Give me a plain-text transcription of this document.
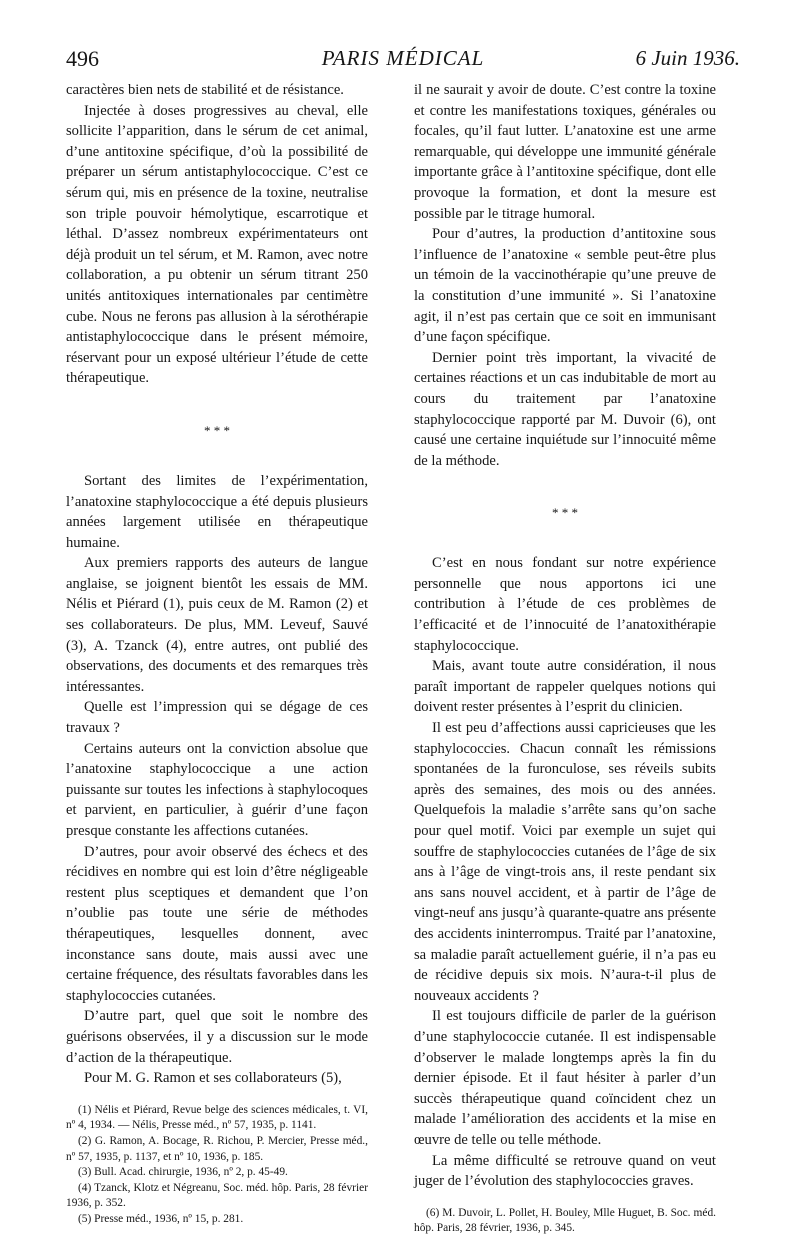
496	PARIS MÉDICAL	6 Juin 1936.

caractères bien nets de stabilité et de résistance.

Injectée à doses progressives au cheval, elle sollicite l’apparition, dans le sérum de cet animal, d’une antitoxine spécifique, d’où la possibilité de préparer un sérum antistaphylococcique. C’est ce sérum qui, mis en présence de la toxine, neutralise son triple pouvoir hémolytique, escarrotique et léthal. D’assez nombreux expérimentateurs ont déjà produit un tel sérum, et M. Ramon, avec notre collaboration, a pu obtenir un sérum titrant 250 unités antitoxiques internationales par centimètre cube. Nous ne ferons pas allusion à la sérothérapie antistaphylococcique dans le présent mémoire, réservant pour un exposé ultérieur l’étude de cette thérapeutique.

* * *

Sortant des limites de l’expérimentation, l’anatoxine staphylococcique a été depuis plusieurs années largement utilisée en thérapeutique humaine.

Aux premiers rapports des auteurs de langue anglaise, se joignent bientôt les essais de MM. Nélis et Piérard (1), puis ceux de M. Ramon (2) et ses collaborateurs. De plus, MM. Leveuf, Sauvé (3), A. Tzanck (4), entre autres, ont publié des observations, des documents et des remarques très intéressantes.

Quelle est l’impression qui se dégage de ces travaux ?

Certains auteurs ont la conviction absolue que l’anatoxine staphylococcique a une action puissante sur toutes les infections à staphylocoques et parvient, en particulier, à guérir d’une façon presque constante les affections cutanées.

D’autres, pour avoir observé des échecs et des récidives en nombre qui est loin d’être négligeable restent plus sceptiques et demandent que l’on n’oublie pas toute une série de méthodes thérapeutiques, lesquelles donnent, avec inconstance sans doute, mais aussi avec une certaine fréquence, des résultats favorables dans les staphylococcies cutanées.

D’autre part, quel que soit le nombre des guérisons observées, il y a discussion sur le mode d’action de la thérapeutique.

Pour M. G. Ramon et ses collaborateurs (5),

(1) Nélis et Piérard, Revue belge des sciences médicales, t. VI, nº 4, 1934. — Nélis, Presse méd., nº 57, 1935, p. 1141.

(2) G. Ramon, A. Bocage, R. Richou, P. Mercier, Presse méd., nº 57, 1935, p. 1137, et nº 10, 1936, p. 185.

(3) Bull. Acad. chirurgie, 1936, nº 2, p. 45-49.

(4) Tzanck, Klotz et Négreanu, Soc. méd. hôp. Paris, 28 février 1936, p. 352.

(5) Presse méd., 1936, nº 15, p. 281.

il ne saurait y avoir de doute. C’est contre la toxine et contre les manifestations toxiques, générales ou focales, qu’il faut lutter. L’anatoxine est une arme remarquable, qui développe une immunité générale importante grâce à l’antitoxine spécifique, dont elle provoque la formation, et dont la mesure est possible par le titrage humoral.

Pour d’autres, la production d’antitoxine sous l’influence de l’anatoxine « semble peut-être plus un témoin de la vaccinothérapie qu’une preuve de la constitution d’une immunité ». Si l’anatoxine agit, il n’est pas certain que ce soit en immunisant d’une façon spécifique.

Dernier point très important, la vivacité de certaines réactions et un cas indubitable de mort au cours du traitement par l’anatoxine staphylococcique rapporté par M. Duvoir (6), ont causé une certaine inquiétude sur l’innocuité même de la méthode.

* * *

C’est en nous fondant sur notre expérience personnelle que nous apportons ici une contribution à l’étude de ces problèmes de l’efficacité et de l’innocuité de l’anatoxithérapie staphylococcique.

Mais, avant toute autre considération, il nous paraît important de rappeler quelques notions qui doivent rester présentes à l’esprit du clinicien.

Il est peu d’affections aussi capricieuses que les staphylococcies. Chacun connaît les rémissions spontanées de la furonculose, ses réveils subits après des semaines, des mois ou des années. Quelquefois la maladie s’arrête sans qu’on sache pour quel motif. Voici par exemple un sujet qui souffre de staphylococcies cutanées de l’âge de six ans à l’âge de vingt-trois ans, il reste pendant six ans sans nouvel accident, et à partir de l’âge de vingt-neuf ans jusqu’à quarante-quatre ans présente des accidents ininterrompus. Traité par l’anatoxine, sa maladie paraît actuellement guérie, il n’a pas eu de récidive depuis six mois. N’aura-t-il plus de nouveaux accidents ?

Il est toujours difficile de parler de la guérison d’une staphylococcie cutanée. Il est indispensable d’observer le malade longtemps après la fin du dernier épisode. Et il faut hésiter à parler d’un succès thérapeutique quand coïncident chez un malade l’amélioration des accidents et la mise en œuvre de telle ou telle méthode.

La même difficulté se retrouve quand on veut juger de l’évolution des staphylococcies graves.

(6) M. Duvoir, L. Pollet, H. Bouley, Mlle Huguet, B. Soc. méd. hôp. Paris, 28 février, 1936, p. 345.
